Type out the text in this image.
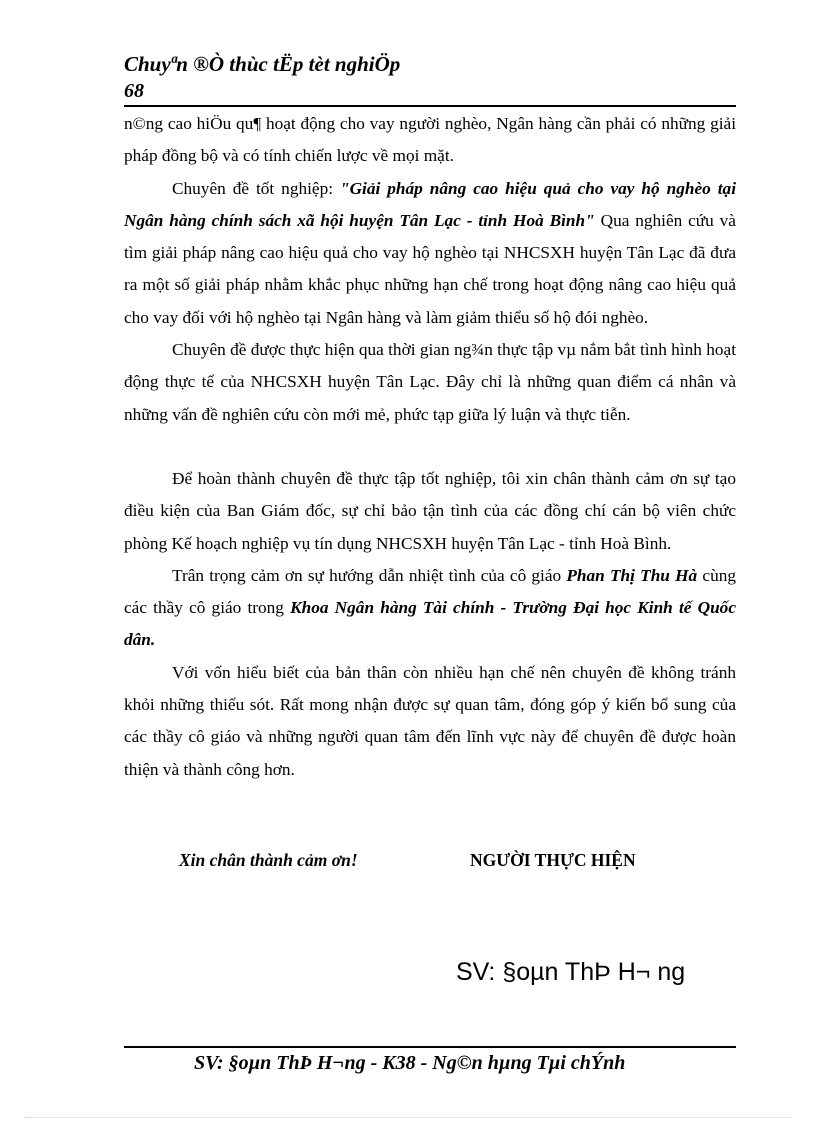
Chuyªn ®Ò thùc tËp tèt nghiÖp
68

n©ng cao hiÖu qu¶ hoạt động cho vay người nghèo, Ngân hàng cần phải có những giải pháp đồng bộ và có tính chiến lược về mọi mặt.

Chuyên đề tốt nghiệp: "Giải pháp nâng cao hiệu quả cho vay hộ nghèo tại Ngân hàng chính sách xã hội huyện Tân Lạc - tỉnh Hoà Bình" Qua nghiên cứu và tìm giải pháp nâng cao hiệu quả cho vay hộ nghèo tại NHCSXH huyện Tân Lạc đã đưa ra một số giải pháp nhằm khắc phục những hạn chế trong hoạt động nâng cao hiệu quả cho vay đối với hộ nghèo tại Ngân hàng và làm giảm thiểu số hộ đói nghèo.

Chuyên đề được thực hiện qua thời gian ng¾n thực tập vµ nắm bắt tình hình hoạt động thực tế của NHCSXH huyện Tân Lạc. Đây chỉ là những quan điểm cá nhân và những vấn đề nghiên cứu còn mới mẻ, phức tạp giữa lý luận và thực tiễn.

Để hoàn thành chuyên đề thực tập tốt nghiệp, tôi xin chân thành cảm ơn sự tạo điều kiện của Ban Giám đốc, sự chỉ bảo tận tình của các đồng chí cán bộ viên chức phòng Kế hoạch nghiệp vụ tín dụng NHCSXH huyện Tân Lạc - tỉnh Hoà Bình.

Trân trọng cảm ơn sự hướng dẫn nhiệt tình của cô giáo Phan Thị Thu Hà cùng các thầy cô giáo trong Khoa Ngân hàng Tài chính - Trường Đại học Kinh tế Quốc dân.

Với vốn hiểu biết của bản thân còn nhiều hạn chế nên chuyên đề không tránh khỏi những thiếu sót. Rất mong nhận được sự quan tâm, đóng góp ý kiến bổ sung của các thầy cô giáo và những người quan tâm đến lĩnh vực này để chuyên đề được hoàn thiện và thành công hơn.

Xin chân thành cảm ơn!	NGƯỜI THỰC HIỆN
SV: §oµn ThÞ H¬ ng
SV: §oµn ThÞ H¬ng - K38 - Ng©n hµng Tµi chÝnh
